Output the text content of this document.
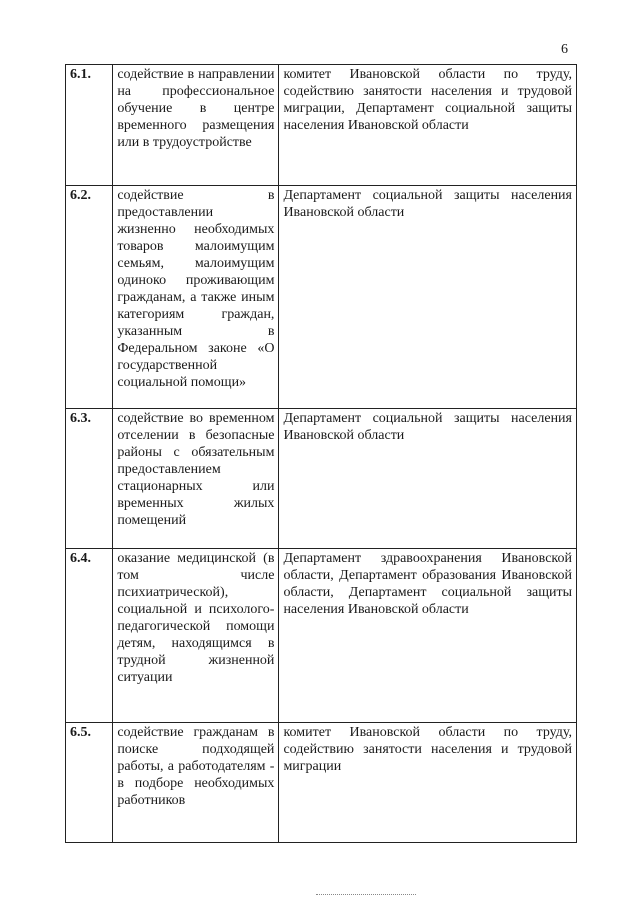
6
6.1.	содействие в направлении на профессиональное обучение в центре временного размещения или в трудоустройстве	комитет Ивановской области по труду, содействию занятости населения и трудовой миграции, Департамент социальной защиты населения Ивановской области
6.2.	содействие в предоставлении жизненно необходимых товаров малоимущим семьям, малоимущим одиноко проживающим гражданам, а также иным категориям граждан, указанным в Федеральном законе «О государственной социальной помощи»	Департамент социальной защиты населения Ивановской области
6.3.	содействие во временном отселении в безопасные районы с обязательным предоставлением стационарных или временных жилых помещений	Департамент социальной защиты населения Ивановской области
6.4.	оказание медицинской (в том числе психиатрической), социальной и психолого-педагогической помощи детям, находящимся в трудной жизненной ситуации	Департамент здравоохранения Ивановской области, Департамент образования Ивановской области, Департамент социальной защиты населения Ивановской области
6.5.	содействие гражданам в поиске подходящей работы, а работодателям - в подборе необходимых работников	комитет Ивановской области по труду, содействию занятости населения и трудовой миграции
